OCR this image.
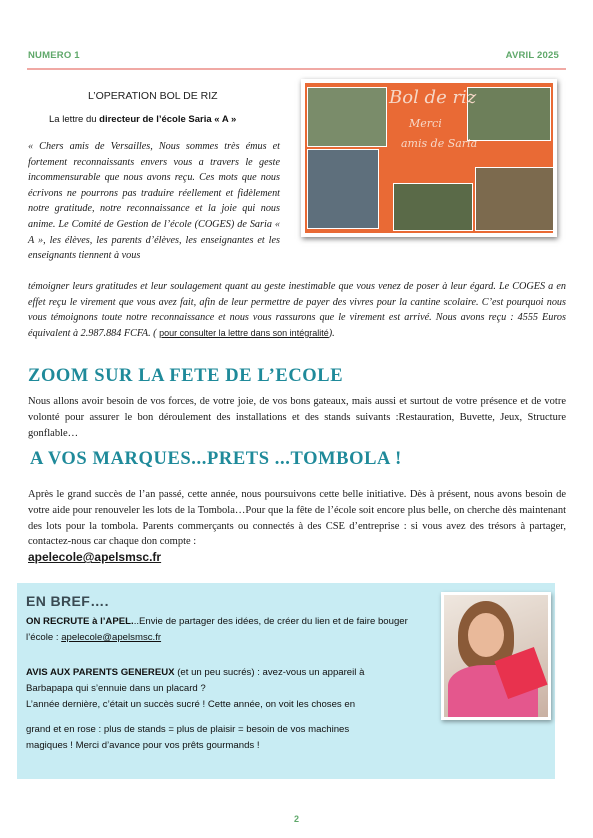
NUMERO 1	AVRIL 2025
L’OPERATION BOL DE RIZ
La lettre du directeur de l’école Saria « A »
Bol de riz
Merci
amis de Saria
« Chers amis de Versailles, Nous sommes très émus et fortement reconnaissants envers vous a travers le geste incommensurable que nous avons reçu. Ces mots que nous écrivons ne pourrons pas traduire réellement et fidèlement notre gratitude, notre reconnaissance et la joie qui nous anime. Le Comité de Gestion de l’école (COGES) de Saria « A », les élèves, les parents d’élèves, les enseignantes et les enseignants tiennent à vous
témoigner leurs gratitudes et leur soulagement quant au geste inestimable que vous venez de poser à leur égard. Le COGES a en effet reçu le virement que vous avez fait, afin de leur permettre de payer des vivres pour la cantine scolaire. C’est pourquoi nous vous témoignons toute notre reconnaissance et nous vous rassurons que le virement est arrivé. Nous avons reçu : 4555 Euros équivalent à 2.987.884 FCFA. ( pour consulter la lettre dans son intégralité).
ZOOM SUR LA FETE DE L’ECOLE
Nous allons avoir besoin de vos forces, de votre joie, de vos bons gateaux, mais aussi et surtout de votre présence et de votre volonté pour assurer le bon déroulement des installations et des stands suivants :Restauration, Buvette, Jeux, Structure gonflable…
A VOS MARQUES...PRETS ...TOMBOLA !
Après le grand succès de l’an passé, cette année, nous poursuivons cette belle initiative. Dès à présent, nous avons besoin de votre aide pour renouveler les lots de la Tombola…Pour que la fête de l’école soit encore plus belle, on cherche dès maintenant des lots pour la tombola. Parents commerçants ou connectés à des CSE d’entreprise : si vous avez des trésors à partager, contactez-nous car chaque don compte :
apelecole@apelsmsc.fr
EN BREF….
ON RECRUTE à l’APEL...Envie de partager des idées, de créer du lien et de faire bouger l’école : apelecole@apelsmsc.fr
AVIS AUX PARENTS GENEREUX (et un peu sucrés) : avez-vous un appareil à
Barbapapa qui s’ennuie dans un placard ?
L’année dernière, c’était un succès sucré ! Cette année, on voit les choses en
grand et en rose : plus de stands = plus de plaisir = besoin de vos machines
magiques ! Merci d’avance pour vos prêts gourmands !
2
